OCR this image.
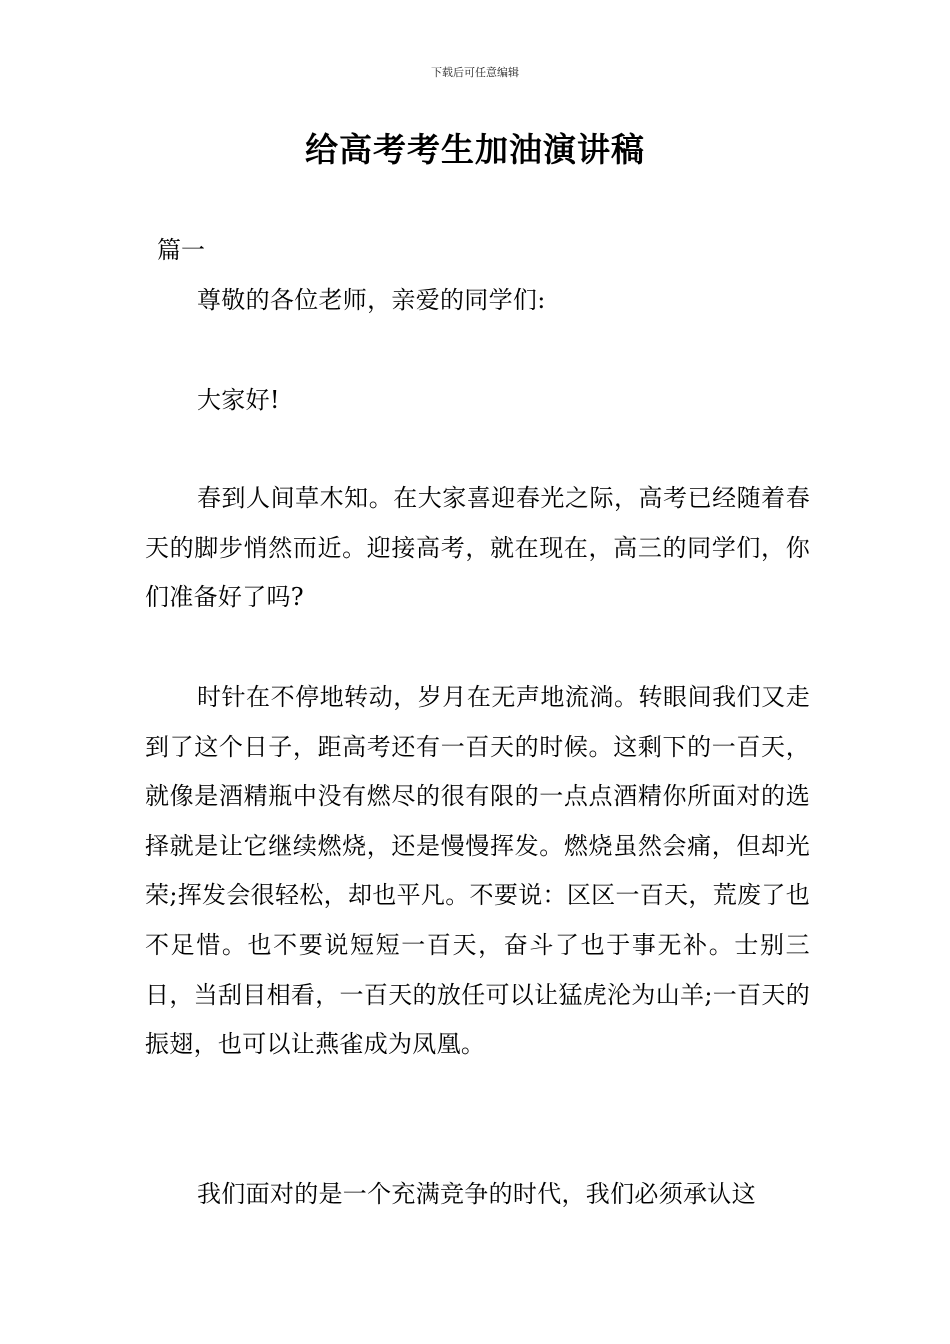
下载后可任意编辑
给高考考生加油演讲稿
篇一

尊敬的各位老师，亲爱的同学们:

大家好!

春到人间草木知。在大家喜迎春光之际，高考已经随着春天的脚步悄然而近。迎接高考，就在现在，高三的同学们，你们准备好了吗?

时针在不停地转动，岁月在无声地流淌。转眼间我们又走到了这个日子，距高考还有一百天的时候。这剩下的一百天，就像是酒精瓶中没有燃尽的很有限的一点点酒精你所面对的选择就是让它继续燃烧，还是慢慢挥发。燃烧虽然会痛，但却光荣;挥发会很轻松，却也平凡。不要说：区区一百天，荒废了也不足惜。也不要说短短一百天，奋斗了也于事无补。士别三日，当刮目相看，一百天的放任可以让猛虎沦为山羊;一百天的振翅，也可以让燕雀成为凤凰。

我们面对的是一个充满竞争的时代，我们必须承认这
